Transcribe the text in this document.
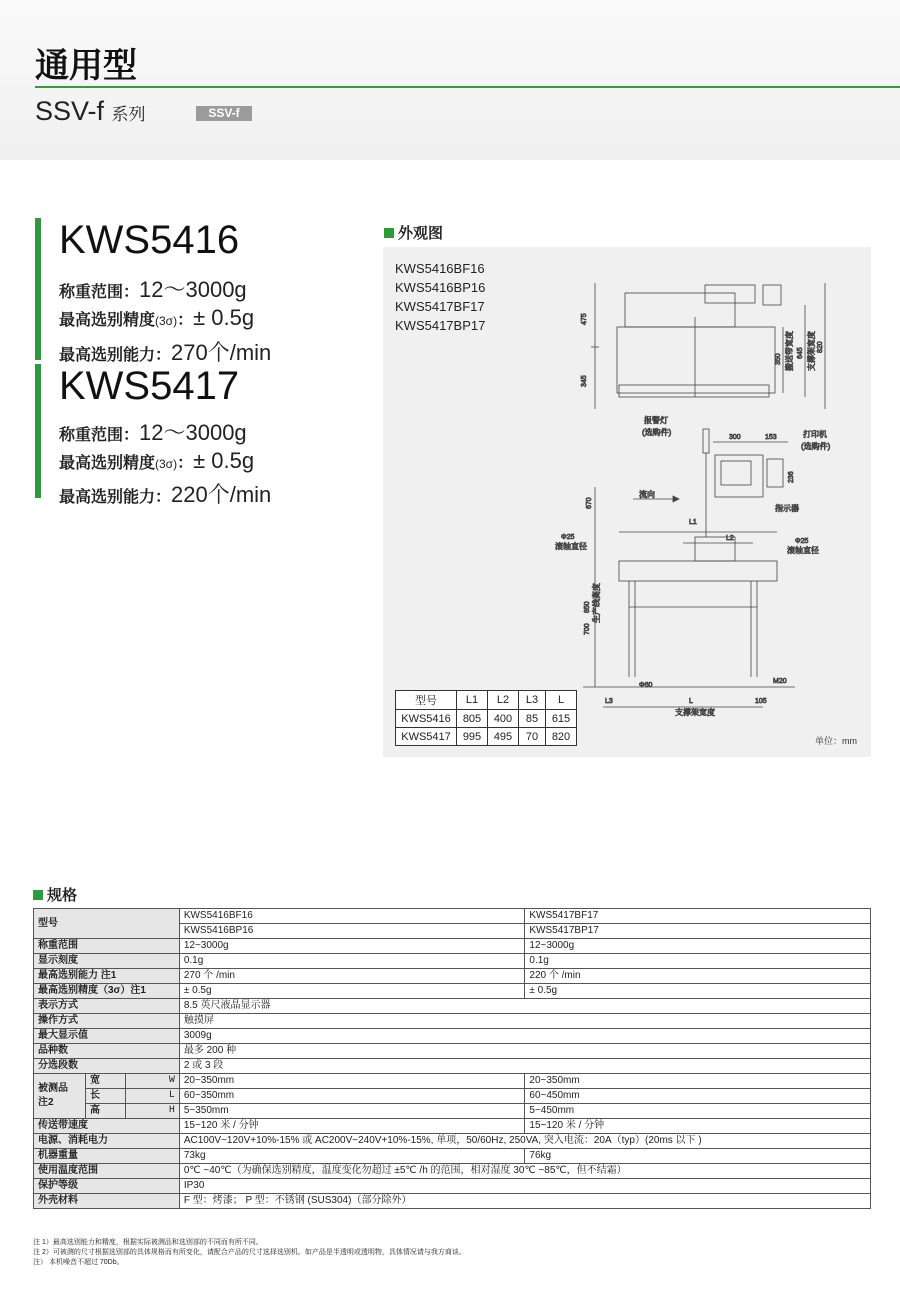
通用型
SSV-f 系列	SSV-f
KWS5416
称重范围：12〜3000g
最高选别精度(3σ)：± 0.5g
最高选别能力：270个/min
KWS5417
称重范围：12〜3000g
最高选别精度(3σ)：± 0.5g
最高选别能力：220个/min
外观图
KWS5416BF16
KWS5416BP16
KWS5417BF17
KWS5417BP17	475
345
350 搬送带宽度 645 支撑架宽度 820
报警灯
(选购件)
300	153	打印机
(选购件)
236
670
流向
指示器
L1
L2
Φ25
滚轴直径
Φ25
滚轴直径
850 生产线高度
700
M20
Φ60
L3	L	105
支撑架宽度
型号	L1	L2	L3	L
KWS5416	805	400	85	615
KWS5417	995	495	70	820	单位：mm
规格
型号			KWS5416BF16	KWS5417BF17
			KWS5416BP16	KWS5417BP17
称重范围			12~3000g	12~3000g
显示刻度			0.1g	0.1g
最高选别能力 注1			270 个 /min	220 个 /min
最高选别精度（3σ）注1			± 0.5g	± 0.5g
表示方式			8.5 英尺液晶显示器	
操作方式			触摸屏	
最大显示值			3009g	
品种数			最多 200 种	
分选段数			2 或 3 段	
被测品
注2	宽	W	20~350mm	20~350mm
	长	L	60~350mm	60~450mm
	高	H	5~350mm	5~450mm
传送带速度			15~120 米 / 分钟	15~120 米 / 分钟
电源、消耗电力			AC100V~120V+10%-15% 或 AC200V~240V+10%-15%, 单项，50/60Hz, 250VA, 突入电流：20A（typ）(20ms 以下 )	
机器重量			73kg	76kg
使用温度范围			0℃ ~40℃（为确保选别精度，温度变化勿超过 ±5℃ /h 的范围，相对湿度 30℃ ~85℃，但不结霜）	
保护等级			IP30	
外壳材料			F 型：烤漆； P 型：不锈钢 (SUS304)（部分除外）	
注 1）最高选别能力和精度，根据实际被测品和选别部的不同而有所不同。
注 2）可被测的尺寸根据选别部的具体规格而有所变化，请配合产品的尺寸选择选别机。如产品是半透明或透明物，具体情况请与我方商谈。
注） 本机噪音不超过 70Db。
